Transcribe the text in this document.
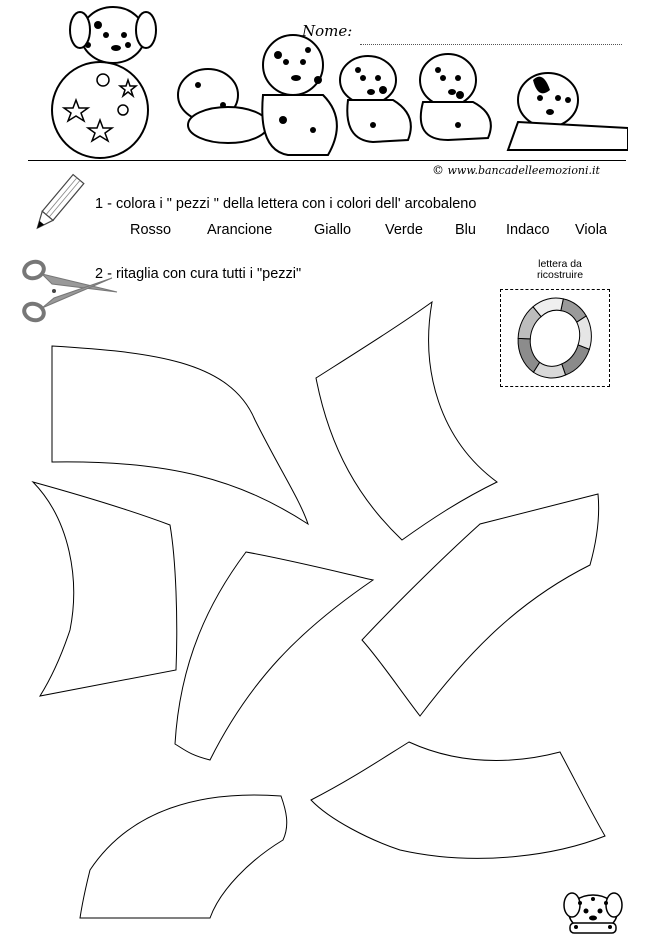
Nome:
© www.bancadelleemozioni.it
1 - colora i " pezzi " della lettera con i colori dell' arcobaleno
Rosso Arancione	Giallo Verde Blu Indaco Viola
2 - ritaglia con cura tutti i "pezzi"
lettera da
ricostruire
